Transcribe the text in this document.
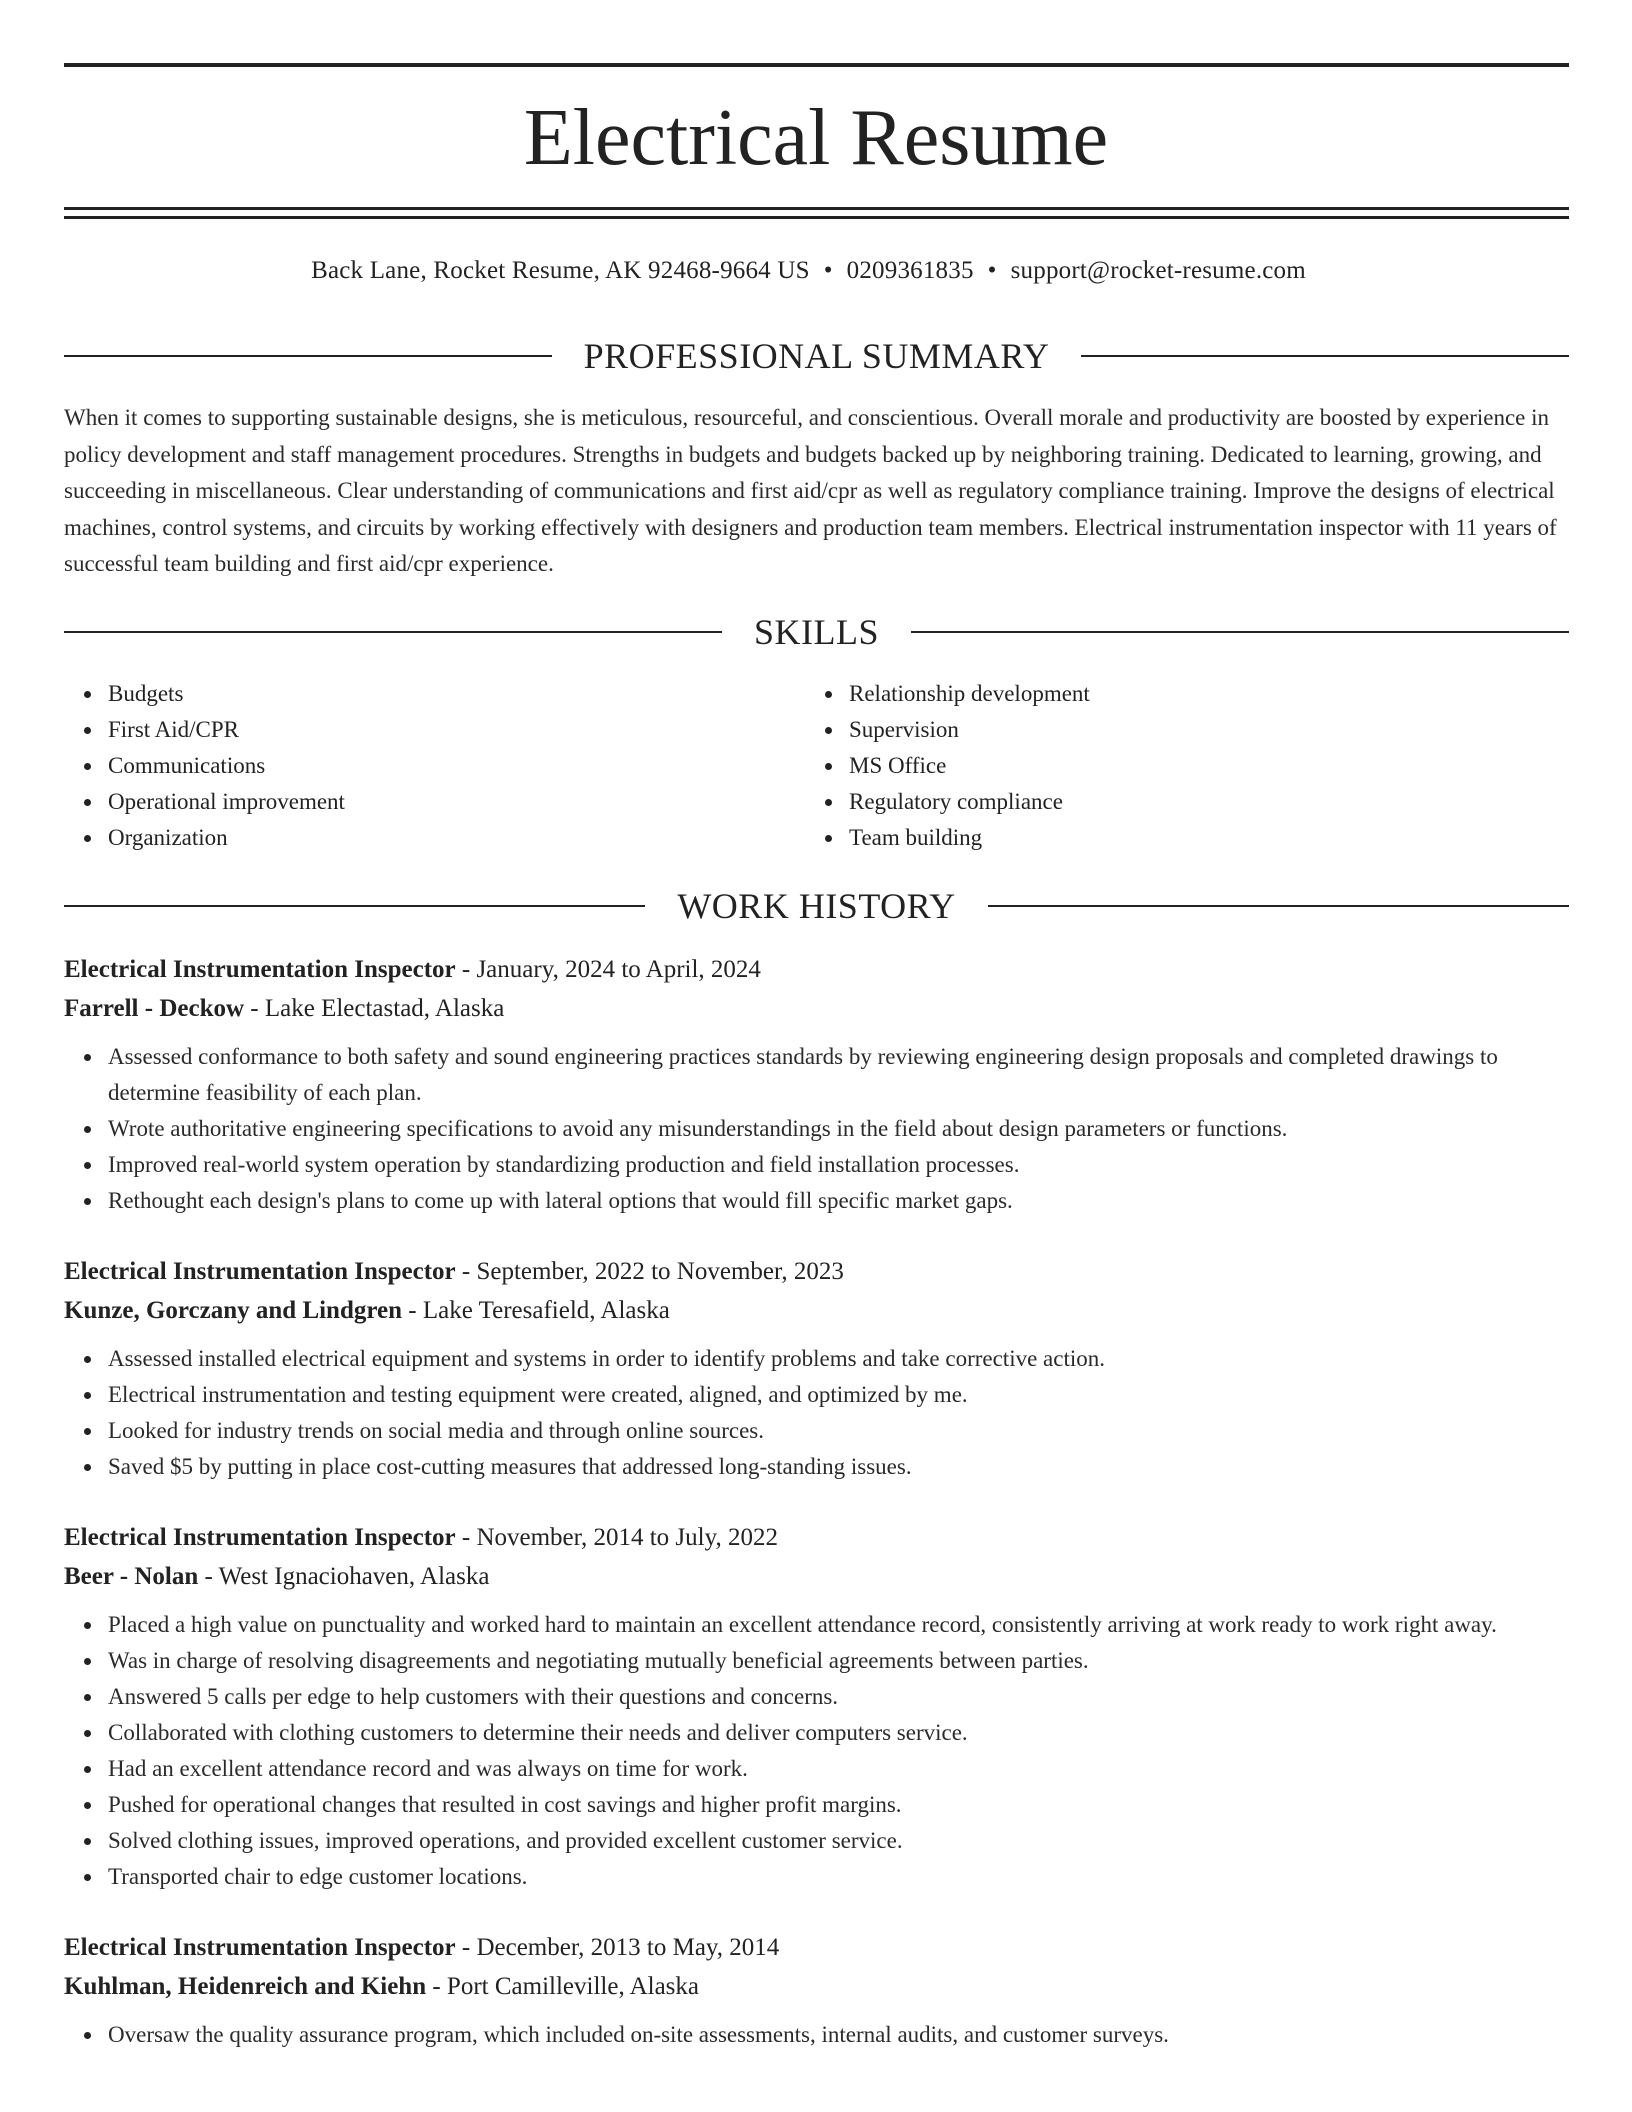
Electrical Resume
Back Lane, Rocket Resume, AK 92468-9664 US • 0209361835 • support@rocket-resume.com
PROFESSIONAL SUMMARY

When it comes to supporting sustainable designs, she is meticulous, resourceful, and conscientious. Overall morale and productivity are boosted by experience in policy development and staff management procedures. Strengths in budgets and budgets backed up by neighboring training. Dedicated to learning, growing, and succeeding in miscellaneous. Clear understanding of communications and first aid/cpr as well as regulatory compliance training. Improve the designs of electrical machines, control systems, and circuits by working effectively with designers and production team members. Electrical instrumentation inspector with 11 years of successful team building and first aid/cpr experience.

SKILLS
Budgets
First Aid/CPR
Communications
Operational improvement
Organization
Relationship development
Supervision
MS Office
Regulatory compliance
Team building
WORK HISTORY
Electrical Instrumentation Inspector - January, 2024 to April, 2024
Farrell - Deckow - Lake Electastad, Alaska
Assessed conformance to both safety and sound engineering practices standards by reviewing engineering design proposals and completed drawings to determine feasibility of each plan.
Wrote authoritative engineering specifications to avoid any misunderstandings in the field about design parameters or functions.
Improved real-world system operation by standardizing production and field installation processes.
Rethought each design's plans to come up with lateral options that would fill specific market gaps.
Electrical Instrumentation Inspector - September, 2022 to November, 2023
Kunze, Gorczany and Lindgren - Lake Teresafield, Alaska
Assessed installed electrical equipment and systems in order to identify problems and take corrective action.
Electrical instrumentation and testing equipment were created, aligned, and optimized by me.
Looked for industry trends on social media and through online sources.
Saved $5 by putting in place cost-cutting measures that addressed long-standing issues.
Electrical Instrumentation Inspector - November, 2014 to July, 2022
Beer - Nolan - West Ignaciohaven, Alaska
Placed a high value on punctuality and worked hard to maintain an excellent attendance record, consistently arriving at work ready to work right away.
Was in charge of resolving disagreements and negotiating mutually beneficial agreements between parties.
Answered 5 calls per edge to help customers with their questions and concerns.
Collaborated with clothing customers to determine their needs and deliver computers service.
Had an excellent attendance record and was always on time for work.
Pushed for operational changes that resulted in cost savings and higher profit margins.
Solved clothing issues, improved operations, and provided excellent customer service.
Transported chair to edge customer locations.
Electrical Instrumentation Inspector - December, 2013 to May, 2014
Kuhlman, Heidenreich and Kiehn - Port Camilleville, Alaska
Oversaw the quality assurance program, which included on-site assessments, internal audits, and customer surveys.
